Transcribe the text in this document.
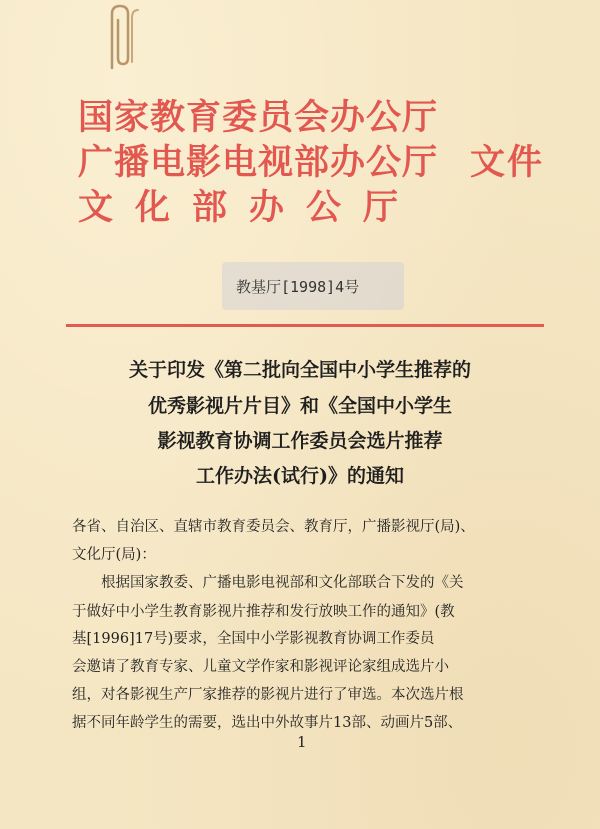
国家教育委员会办公厅
广播电影电视部办公厅
文化部办公厅
文件
教基厅[1998]4号
关于印发《第二批向全国中小学生推荐的
优秀影视片片目》和《全国中小学生
影视教育协调工作委员会选片推荐
工作办法(试行)》的通知
各省、自治区、直辖市教育委员会、教育厅，广播影视厅(局)、
文化厅(局)：
根据国家教委、广播电影电视部和文化部联合下发的《关
于做好中小学生教育影视片推荐和发行放映工作的通知》(教
基[1996]17号)要求，全国中小学影视教育协调工作委员
会邀请了教育专家、儿童文学作家和影视评论家组成选片小
组，对各影视生产厂家推荐的影视片进行了审选。本次选片根
据不同年龄学生的需要，选出中外故事片13部、动画片5部、
1
